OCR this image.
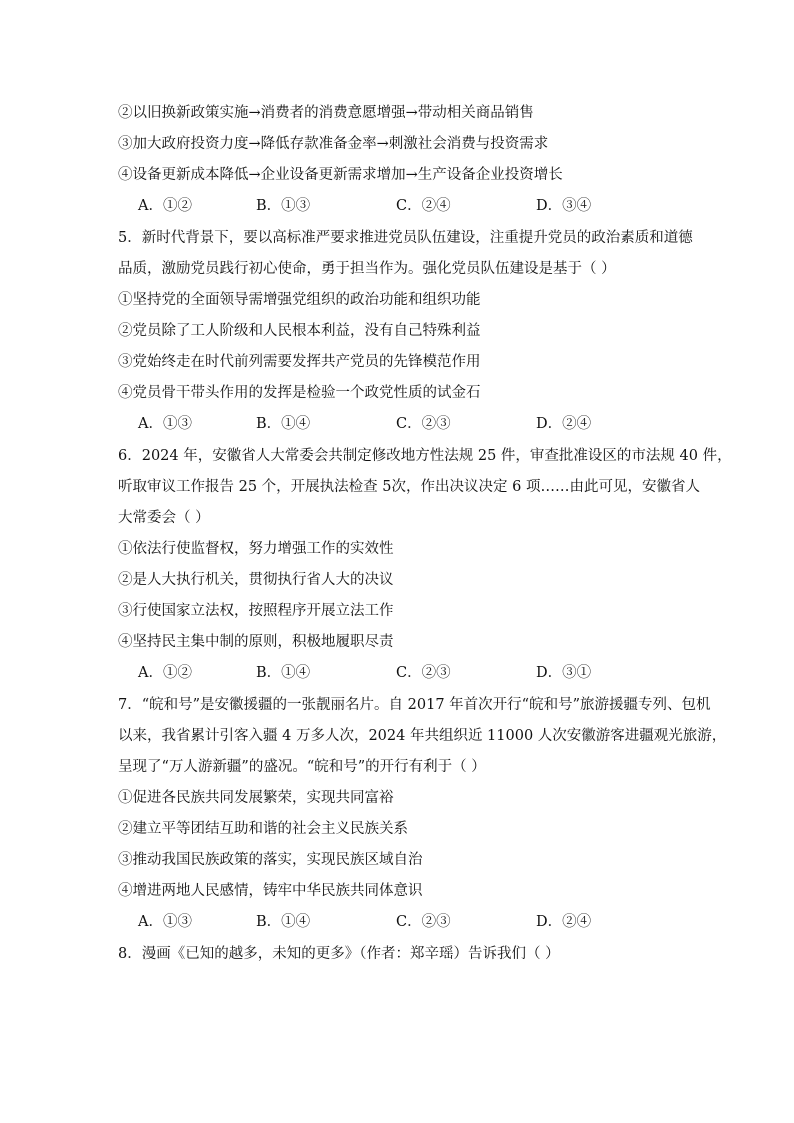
②以旧换新政策实施→消费者的消费意愿增强→带动相关商品销售
③加大政府投资力度→降低存款准备金率→刺激社会消费与投资需求
④设备更新成本降低→企业设备更新需求增加→生产设备企业投资增长
A．①②	B．①③	C．②④	D．③④
5．新时代背景下，要以高标准严要求推进党员队伍建设，注重提升党员的政治素质和道德
品质，激励党员践行初心使命，勇于担当作为。强化党员队伍建设是基于（ ）
①坚持党的全面领导需增强党组织的政治功能和组织功能
②党员除了工人阶级和人民根本利益，没有自己特殊利益
③党始终走在时代前列需要发挥共产党员的先锋模范作用
④党员骨干带头作用的发挥是检验一个政党性质的试金石
A．①③	B．①④	C．②③	D．②④
6．2024 年，安徽省人大常委会共制定修改地方性法规 25 件，审查批准设区的市法规 40 件，
听取审议工作报告 25 个，开展执法检查 5次，作出决议决定 6 项……由此可见，安徽省人
大常委会（ ）
①依法行使监督权，努力增强工作的实效性
②是人大执行机关，贯彻执行省人大的决议
③行使国家立法权，按照程序开展立法工作
④坚持民主集中制的原则，积极地履职尽责
A．①②	B．①④	C．②③	D．③①
7．“皖和号”是安徽援疆的一张靓丽名片。自 2017 年首次开行“皖和号”旅游援疆专列、包机
以来，我省累计引客入疆 4 万多人次，2024 年共组织近 11000 人次安徽游客进疆观光旅游，
呈现了“万人游新疆”的盛况。“皖和号”的开行有利于（ ）
①促进各民族共同发展繁荣，实现共同富裕
②建立平等团结互助和谐的社会主义民族关系
③推动我国民族政策的落实，实现民族区域自治
④增进两地人民感情，铸牢中华民族共同体意识
A．①③	B．①④	C．②③	D．②④
8．漫画《已知的越多，未知的更多》（作者：郑辛瑶）告诉我们（ ）
